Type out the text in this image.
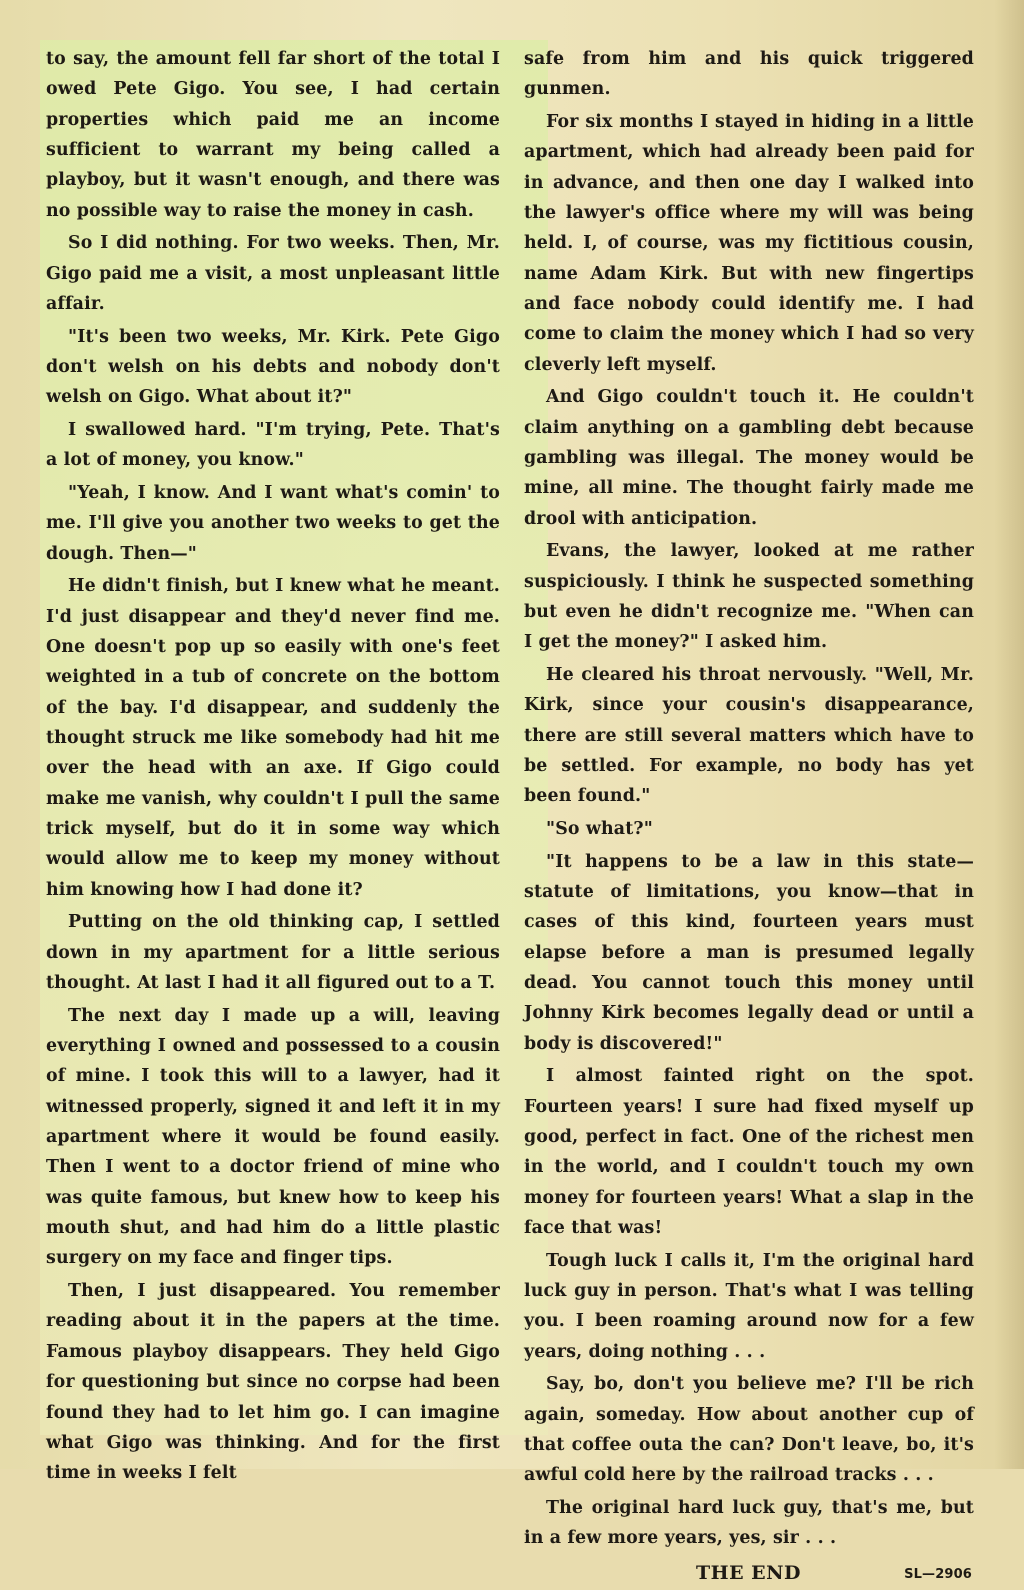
to say, the amount fell far short of the total I owed Pete Gigo. You see, I had certain properties which paid me an income sufficient to warrant my being called a playboy, but it wasn't enough, and there was no possible way to raise the money in cash.

So I did nothing. For two weeks. Then, Mr. Gigo paid me a visit, a most unpleasant little affair.

"It's been two weeks, Mr. Kirk. Pete Gigo don't welsh on his debts and nobody don't welsh on Gigo. What about it?"

I swallowed hard. "I'm trying, Pete. That's a lot of money, you know."

"Yeah, I know. And I want what's comin' to me. I'll give you another two weeks to get the dough. Then—"

He didn't finish, but I knew what he meant. I'd just disappear and they'd never find me. One doesn't pop up so easily with one's feet weighted in a tub of concrete on the bottom of the bay. I'd disappear, and suddenly the thought struck me like somebody had hit me over the head with an axe. If Gigo could make me vanish, why couldn't I pull the same trick myself, but do it in some way which would allow me to keep my money without him knowing how I had done it?

Putting on the old thinking cap, I settled down in my apartment for a little serious thought. At last I had it all figured out to a T.

The next day I made up a will, leaving everything I owned and possessed to a cousin of mine. I took this will to a lawyer, had it witnessed properly, signed it and left it in my apartment where it would be found easily. Then I went to a doctor friend of mine who was quite famous, but knew how to keep his mouth shut, and had him do a little plastic surgery on my face and finger tips.

Then, I just disappeared. You remember reading about it in the papers at the time. Famous playboy disappears. They held Gigo for questioning but since no corpse had been found they had to let him go. I can imagine what Gigo was thinking. And for the first time in weeks I felt

safe from him and his quick triggered gunmen.

For six months I stayed in hiding in a little apartment, which had already been paid for in advance, and then one day I walked into the lawyer's office where my will was being held. I, of course, was my fictitious cousin, name Adam Kirk. But with new fingertips and face nobody could identify me. I had come to claim the money which I had so very cleverly left myself.

And Gigo couldn't touch it. He couldn't claim anything on a gambling debt because gambling was illegal. The money would be mine, all mine. The thought fairly made me drool with anticipation.

Evans, the lawyer, looked at me rather suspiciously. I think he suspected something but even he didn't recognize me. "When can I get the money?" I asked him.

He cleared his throat nervously. "Well, Mr. Kirk, since your cousin's disappearance, there are still several matters which have to be settled. For example, no body has yet been found."

"So what?"

"It happens to be a law in this state—statute of limitations, you know—that in cases of this kind, fourteen years must elapse before a man is presumed legally dead. You cannot touch this money until Johnny Kirk becomes legally dead or until a body is discovered!"

I almost fainted right on the spot. Fourteen years! I sure had fixed myself up good, perfect in fact. One of the richest men in the world, and I couldn't touch my own money for fourteen years! What a slap in the face that was!

Tough luck I calls it, I'm the original hard luck guy in person. That's what I was telling you. I been roaming around now for a few years, doing nothing . . .

Say, bo, don't you believe me? I'll be rich again, someday. How about another cup of that coffee outa the can? Don't leave, bo, it's awful cold here by the railroad tracks . . .

The original hard luck guy, that's me, but in a few more years, yes, sir . . .

THE END	SL—2906
